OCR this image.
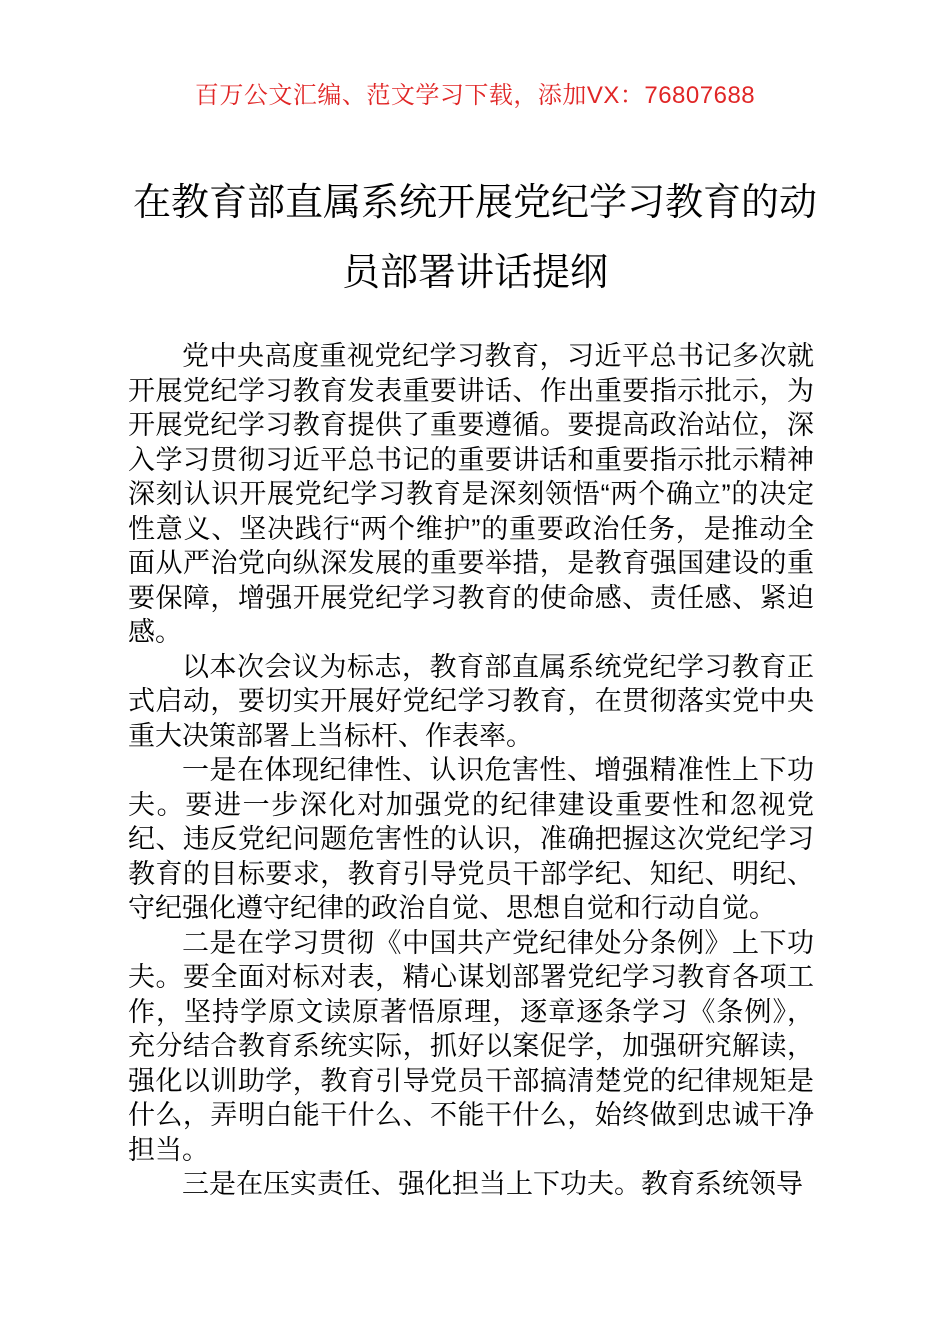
百万公文汇编、范文学习下载，添加VX：76807688
在教育部直属系统开展党纪学习教育的动
员部署讲话提纲

党中央高度重视党纪学习教育，习近平总书记多次就开展党纪学习教育发表重要讲话、作出重要指示批示，为开展党纪学习教育提供了重要遵循。要提高政治站位，深入学习贯彻习近平总书记的重要讲话和重要指示批示精神深刻认识开展党纪学习教育是深刻领悟“两个确立”的决定性意义、坚决践行“两个维护”的重要政治任务，是推动全面从严治党向纵深发展的重要举措，是教育强国建设的重要保障，增强开展党纪学习教育的使命感、责任感、紧迫感。

以本次会议为标志，教育部直属系统党纪学习教育正式启动，要切实开展好党纪学习教育，在贯彻落实党中央重大决策部署上当标杆、作表率。

一是在体现纪律性、认识危害性、增强精准性上下功夫。要进一步深化对加强党的纪律建设重要性和忽视党纪、违反党纪问题危害性的认识，准确把握这次党纪学习教育的目标要求，教育引导党员干部学纪、知纪、明纪、守纪强化遵守纪律的政治自觉、思想自觉和行动自觉。

二是在学习贯彻《中国共产党纪律处分条例》上下功夫。要全面对标对表，精心谋划部署党纪学习教育各项工作，坚持学原文读原著悟原理，逐章逐条学习《条例》，充分结合教育系统实际，抓好以案促学，加强研究解读，强化以训助学，教育引导党员干部搞清楚党的纪律规矩是什么，弄明白能干什么、不能干什么，始终做到忠诚干净担当。

三是在压实责任、强化担当上下功夫。教育系统领导
